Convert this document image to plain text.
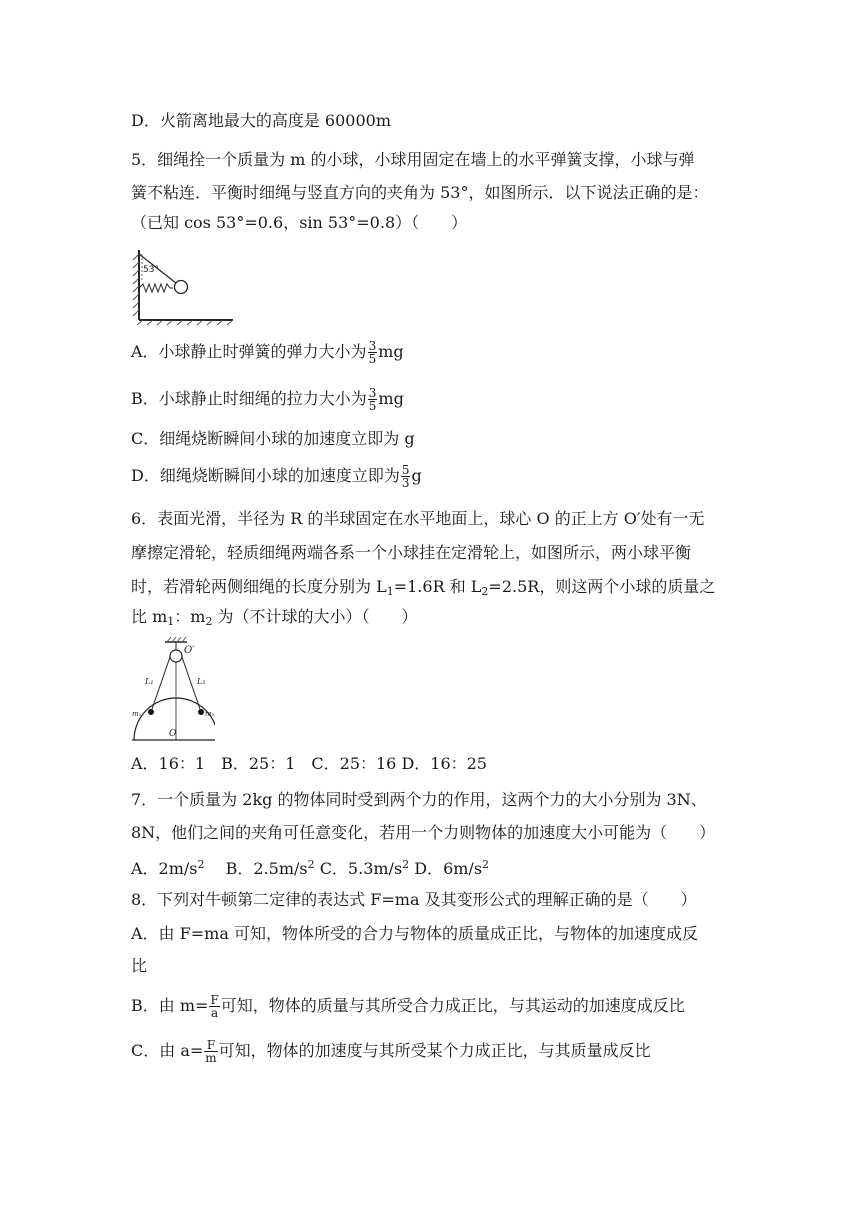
D．火箭离地最大的高度是 60000m
5．细绳拴一个质量为 m 的小球，小球用固定在墙上的水平弹簧支撑，小球与弹
簧不粘连．平衡时细绳与竖直方向的夹角为 53°，如图所示．以下说法正确的是：
（已知 cos 53°=0.6，sin 53°=0.8）（　　）
53°
A．小球静止时弹簧的弹力大小为 $\frac{3}{5}$ mg
B．小球静止时细绳的拉力大小为 $\frac{3}{5}$ mg
C．细绳烧断瞬间小球的加速度立即为 g
D．细绳烧断瞬间小球的加速度立即为 $\frac{5}{3}$ g
6．表面光滑，半径为 R 的半球固定在水平地面上，球心 O 的正上方 O′处有一无
摩擦定滑轮，轻质细绳两端各系一个小球挂在定滑轮上，如图所示，两小球平衡
时，若滑轮两侧细绳的长度分别为 $L_1=1.6R$ 和 $L_2=2.5R$，则这两个小球的质量之
比 $m_1$：$m_2$ 为（不计球的大小）（　　）
O′
L₁	L₂
O
m₁	m₂
A．16：1　B．25：1　C．25：16 D．16：25
7．一个质量为 2kg 的物体同时受到两个力的作用，这两个力的大小分别为 3N、
8N，他们之间的夹角可任意变化，若用一个力则物体的加速度大小可能为（　　）
A．$2m/s^2$　 B．$2.5m/s^2$ C．$5.3m/s^2$ D．$6m/s^2$
8．下列对牛顿第二定律的表达式 F=ma 及其变形公式的理解正确的是（　　）
A．由 F=ma 可知，物体所受的合力与物体的质量成正比，与物体的加速度成反
比
B．由 $m= \frac{F}{a}$ 可知，物体的质量与其所受合力成正比，与其运动的加速度成反比
C．由 $a= \frac{F}{m}$ 可知，物体的加速度与其所受某个力成正比，与其质量成反比
